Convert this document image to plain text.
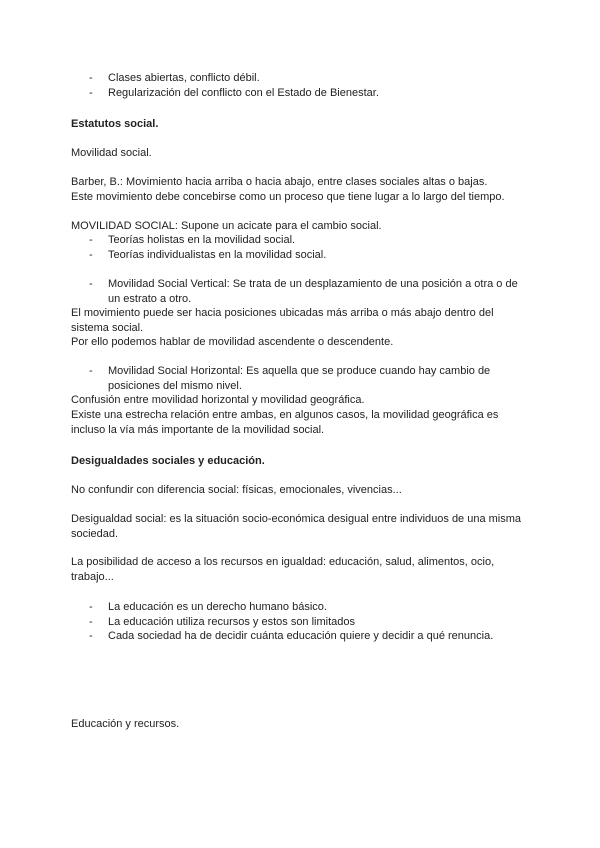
- Clases abiertas, conflicto débil.
- Regularización del conflicto con el Estado de Bienestar.

Estatutos social.

Movilidad social.

Barber, B.: Movimiento hacia arriba o hacia abajo, entre clases sociales altas o bajas.

Este movimiento debe concebirse como un proceso que tiene lugar a lo largo del tiempo.

MOVILIDAD SOCIAL: Supone un acicate para el cambio social.

- Teorías holistas en la movilidad social.
- Teorías individualistas en la movilidad social.
- Movilidad Social Vertical: Se trata de un desplazamiento de una posición a otra o de un estrato a otro.

El movimiento puede ser hacia posiciones ubicadas más arriba o más abajo dentro del sistema social.

Por ello podemos hablar de movilidad ascendente o descendente.

- Movilidad Social Horizontal: Es aquella que se produce cuando hay cambio de posiciones del mismo nivel.

Confusión entre movilidad horizontal y movilidad geográfica.

Existe una estrecha relación entre ambas, en algunos casos, la movilidad geográfica es incluso la vía más importante de la movilidad social.

Desigualdades sociales y educación.

No confundir con diferencia social: físicas, emocionales, vivencias...

Desigualdad social: es la situación socio-económica desigual entre individuos de una misma sociedad.

La posibilidad de acceso a los recursos en igualdad: educación, salud, alimentos, ocio, trabajo...

- La educación es un derecho humano básico.
- La educación utiliza recursos y estos son limitados
- Cada sociedad ha de decidir cuánta educación quiere y decidir a qué renuncia.

Educación y recursos.
